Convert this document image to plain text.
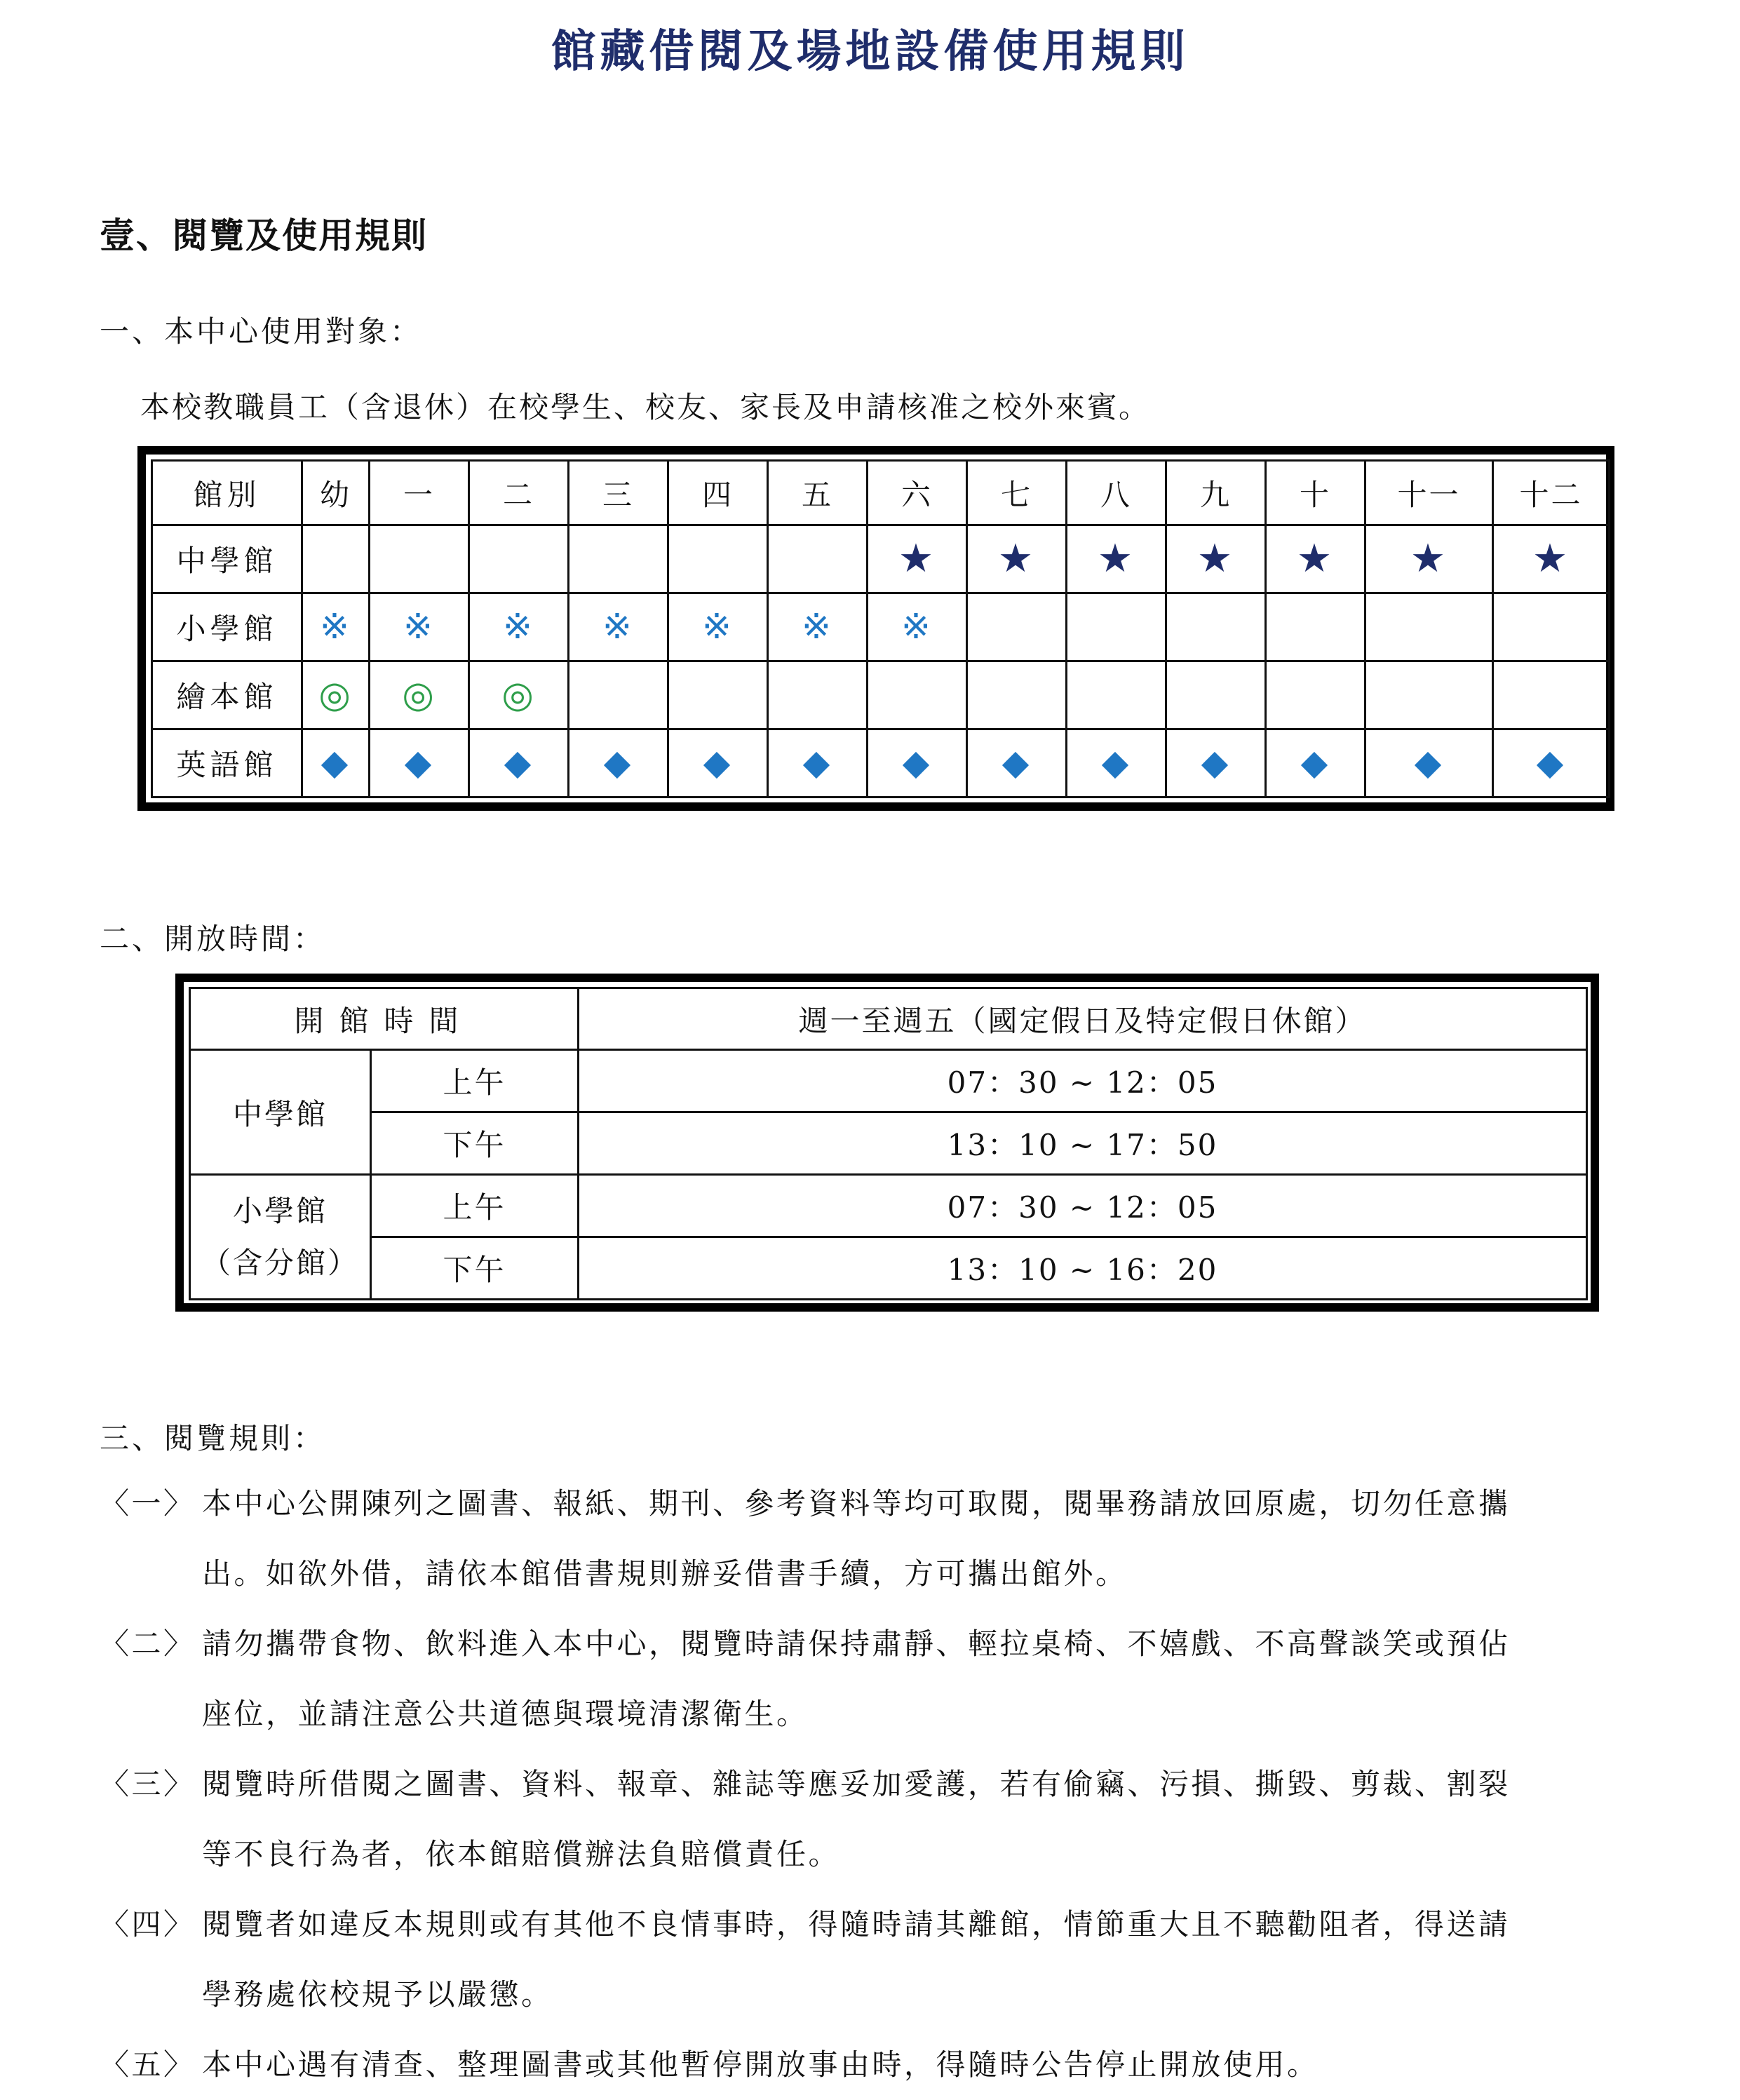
館藏借閱及場地設備使用規則
壹、閱覽及使用規則
一、本中心使用對象：
本校教職員工（含退休）在校學生、校友、家長及申請核准之校外來賓。
館別	幼	一	二	三	四	五	六	七	八	九	十	十一	十二
中學館							★	★	★	★	★	★	★
小學館	※	※	※	※	※	※	※						
繪本館	◎	◎	◎										
英語館	◆	◆	◆	◆	◆	◆	◆	◆	◆	◆	◆	◆	◆
二、開放時間：
開館時間		週一至週五（國定假日及特定假日休館）
中學館	上午	07：30 ~ 12：05
	下午	13：10 ~ 17：50

小學館
（含分館）	上午	07：30 ~ 12：05
	下午	13：10 ~ 16：20
三、閱覽規則：
〈一〉 本中心公開陳列之圖書、報紙、期刊、參考資料等均可取閱，閱畢務請放回原處，切勿任意攜
出。如欲外借，請依本館借書規則辦妥借書手續，方可攜出館外。
〈二〉 請勿攜帶食物、飲料進入本中心，閱覽時請保持肅靜、輕拉桌椅、不嬉戲、不高聲談笑或預佔
座位，並請注意公共道德與環境清潔衛生。
〈三〉 閱覽時所借閱之圖書、資料、報章、雜誌等應妥加愛護，若有偷竊、污損、撕毀、剪裁、割裂
等不良行為者，依本館賠償辦法負賠償責任。
〈四〉 閱覽者如違反本規則或有其他不良情事時，得隨時請其離館，情節重大且不聽勸阻者，得送請
學務處依校規予以嚴懲。
〈五〉 本中心遇有清查、整理圖書或其他暫停開放事由時，得隨時公告停止開放使用。
